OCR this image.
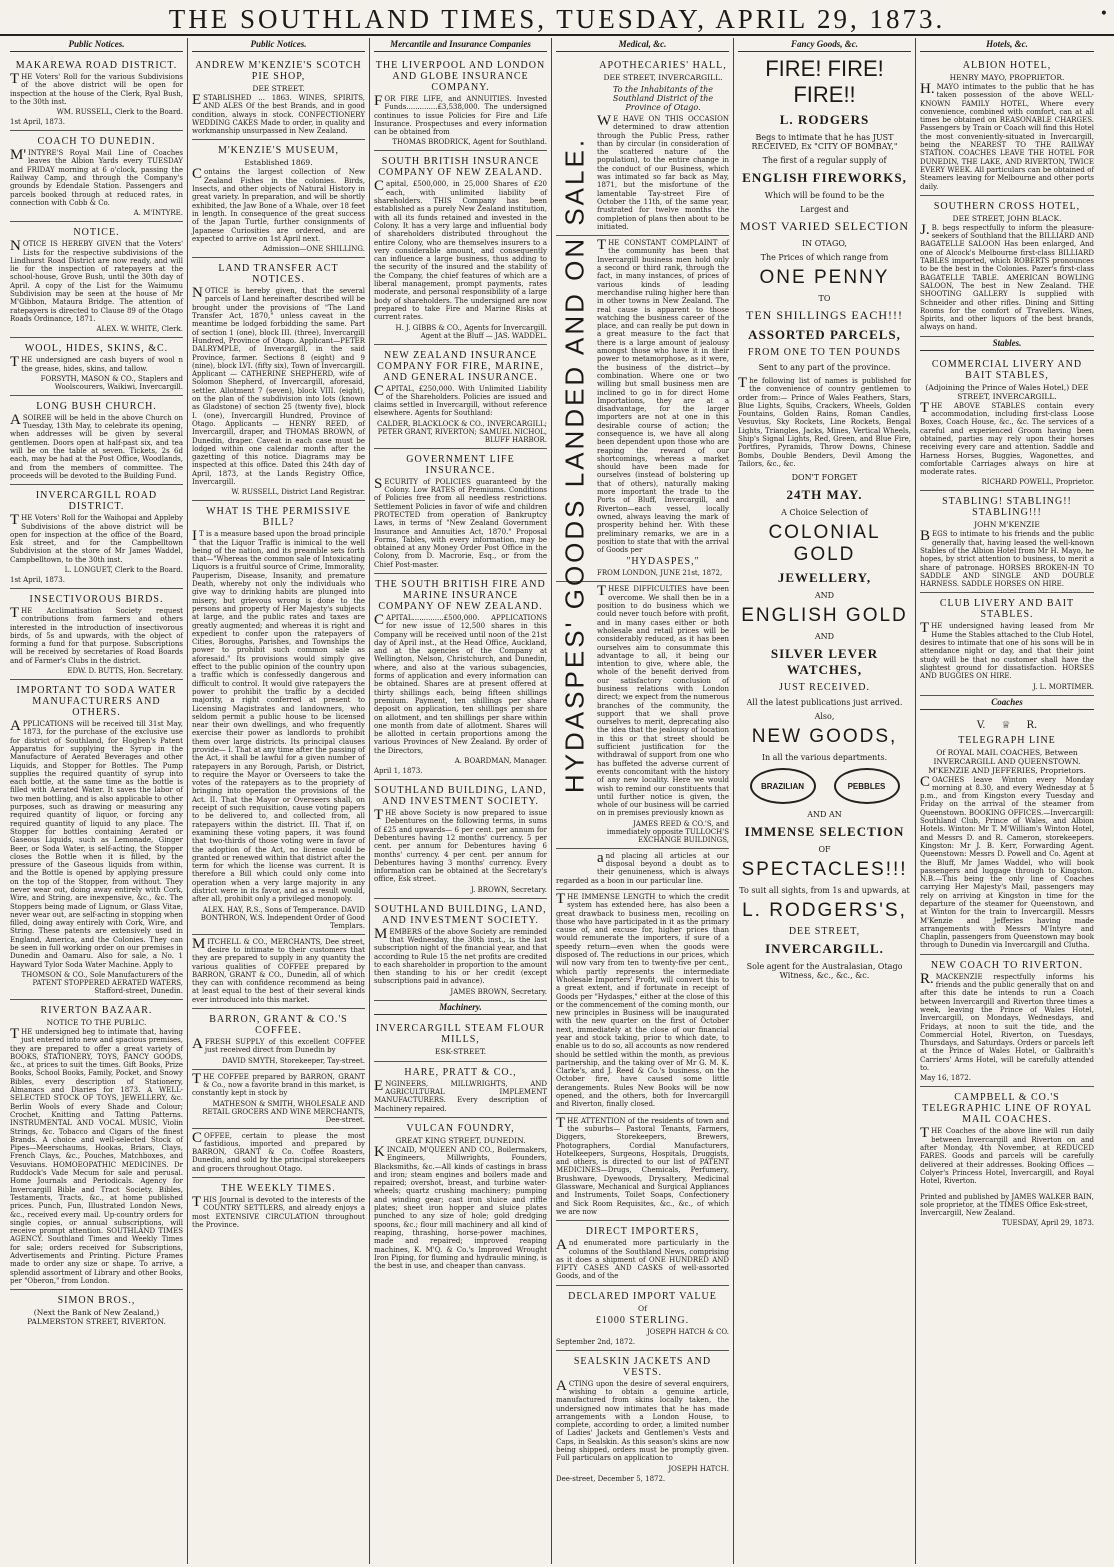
THE SOUTHLAND TIMES, TUESDAY, APRIL 29, 1873.	•
Public Notices.
MAKAREWA ROAD DISTRICT.

THE Voters' Roll for the various Subdivisions of the above district will be open for inspection at the house of the Clerk, Ryal Bush, to the 30th inst.

WM. RUSSELL, Clerk to the Board.
1st April, 1873.
COACH TO DUNEDIN.

M'INTYRE'S Royal Mail Line of Coaches leaves the Albion Yards every TUESDAY and FRIDAY morning at 6 o'clock, passing the Railway Camp, and through the Company's grounds by Edendale Station. Passengers and parcels booked through at reduced rates, in connection with Cobb & Co.

A. M'INTYRE.
NOTICE.

NOTICE IS HEREBY GIVEN that the Voters' Lists for the respective subdivisions of the Lindhurst Road District are now ready, and will lie for the inspection of ratepayers at the school-house, Grove Bush, until the 30th day of April. A copy of the List for the Waimumu Subdivision may be seen at the house of Mr M'Gibbon, Mataura Bridge. The attention of ratepayers is directed to Clause 89 of the Otago Roads Ordinance, 1871.

ALEX. W. WHITE, Clerk.
WOOL, HIDES, SKINS, &C.

THE undersigned are cash buyers of wool n the grease, hides, skins, and tallow.

FORSYTH, MASON & CO., Staplers and Woolscourers, Waikiwi, Invercargill.
LONG BUSH CHURCH.

ASOIREE will be held in the above Church on Tuesday, 13th May, to celebrate its opening, when addresses will be given by several gentlemen. Doors open at half-past six, and tea will be on the table at seven. Tickets, 2s 6d each, may be had at the Post Office, Woodlands, and from the members of committee. The proceeds will be devoted to the Building Fund.

INVERCARGILL ROAD DISTRICT.

THE Voters' Roll for the Waihopai and Appleby Subdivisions of the above district will be open for inspection at the office of the Board, Esk street, and for the Campbelltown Subdivision at the store of Mr James Waddel, Campbelltown, to the 30th inst.

L. LONGUET, Clerk to the Board.
1st April, 1873.
INSECTIVOROUS BIRDS.

THE Acclimatisation Society request contributions from farmers and others interested in the introduction of insectivorous birds, of 5s and upwards, with the object of forming a fund for that purpose. Subscriptions will be received by secretaries of Road Boards and of Farmer's Clubs in the district.

EDW. D. BUTTS, Hon. Secretary.
IMPORTANT TO SODA WATER MANUFACTURERS AND OTHERS.

APPLICATIONS will be received till 31st May, 1873, for the purchase of the exclusive use for district of Southland, for Hogben's Patent Apparatus for supplying the Syrup in the Manufacture of Aerated Beverages and other Liquids, and Stopper for Bottles. The Pump supplies the required quantity of syrup into each bottle, at the same time as the bottle is filled with Aerated Water. It saves the labor of two men bottling, and is also applicable to other purposes, such as drawing or measuring any required quantity of liquor, or forcing any required quantity of liquid to any place. The Stopper for bottles containing Aerated or Gaseous Liquids, such as Lemonade, Ginger Beer, or Soda Water, is self-acting, the Stopper closes the Bottle when it is filled, by the pressure of the Gaseous liquids from within, and the Bottle is opened by applying pressure on the top of the Stopper, from without. They never wear out, doing away entirely with Cork, Wire, and String, are inexpensive, &c., &c. The Stoppers being made of Lignum, or Glass Vitae, never wear out, are self-acting in stopping when filled, doing away entirely with Cork, Wire, and String. These patents are extensively used in England, America, and the Colonies. They can be seen in full working order on our premises in Dunedin and Oamaru. Also for sale, a No. 1 Hayward Tylor Soda Water Machine. Apply to

THOMSON & CO., Sole Manufacturers of the PATENT STOPPERED AERATED WATERS, Stafford-street, Dunedin.
RIVERTON BAZAAR.
NOTICE TO THE PUBLIC.

THE undersigned beg to intimate that, having just entered into new and spacious premises, they are prepared to offer a great variety of BOOKS, STATIONERY, TOYS, FANCY GOODS, &c., at prices to suit the times. Gift Books, Prize Books, School Books, Family, Pocket, and Snowy Bibles, every description of Stationery, Almanacs and Diaries for 1873. A WELL-SELECTED STOCK OF TOYS, JEWELLERY, &c. Berlin Wools of every Shade and Colour; Crochet, Knitting and Tatting Patterns. INSTRUMENTAL AND VOCAL MUSIC, Violin Strings, &c. Tobacco and Cigars of the finest Brands. A choice and well-selected Stock of Pipes—Meerschaums, Hookas, Briars, Clays, French Clays, &c., Pouches, Matchboxes, and Vesuvians. HOMOEOPATHIC MEDICINES. Dr Ruddock's Vade Mecum for sale and perusal. Home Journals and Periodicals. Agency for Invercargill Bible and Tract Society. Bibles, Testaments, Tracts, &c., at home published prices. Punch, Fun, Illustrated London News, &c., received every mail. Up-country orders for single copies, or annual subscriptions, will receive prompt attention. SOUTHLAND TIMES AGENCY. Southland Times and Weekly Times for sale; orders received for Subscriptions, Advertisements and Printing. Picture Frames made to order any size or shape. To arrive, a splendid assortment of Library and other Books, per "Oberon," from London.

SIMON BROS.,
(Next the Bank of New Zealand,) PALMERSTON STREET, RIVERTON.
Public Notices.
ANDREW M'KENZIE'S SCOTCH PIE SHOP,
DEE STREET.

ESTABLISHED ... 1863. WINES, SPIRITS, AND ALES Of the best Brands, and in good condition, always in stock. CONFECTIONERY WEDDING CAKES Made to order, in quality and workmanship unsurpassed in New Zealand.

M'KENZIE'S MUSEUM,
Established 1869.

Contains the largest collection of New Zealand Fishes in the colonies. Birds, Insects, and other objects of Natural History in great variety. In preparation, and will be shortly exhibited, the Jaw Bone of a Whale, over 18 feet in length. In consequence of the great success of the Japan Turtle, further consignments of Japanese Curiosities are ordered, and are expected to arrive on 1st April next.

Admission—ONE SHILLING.
LAND TRANSFER ACT NOTICES.

NOTICE is hereby given, that the several parcels of Land hereinafter described will be brought under the provisions of "The Land Transfer Act, 1870," unless caveat in the meantime be lodged forbidding the same. Part of section 1 (one), block III. (three), Invercargill Hundred, Province of Otago. Applicant—PETER DALRYMPLE, of Invercargill, in the said Province, farmer. Sections 8 (eight) and 9 (nine), block LVI. (fifty six), Town of Invercargill. Applicant — CATHERINE SHEPHERD, wife of Solomon Shepherd, of Invercargill, aforesaid, settler. Allotment 7 (seven), block VIII. (eight), on the plan of the subdivision into lots (known as Gladstone) of section 25 (twenty five), block I. (one), Invercargill Hundred, Province of Otago. Applicants — HENRY REED, of Invercargill, draper, and THOMAS BROWN, of Dunedin, draper. Caveat in each case must be lodged within one calendar month after the gazetting of this notice. Diagrams may be inspected at this office. Dated this 24th day of April, 1873, at the Lands Registry Office, Invercargill.

W. RUSSELL, District Land Registrar.
WHAT IS THE PERMISSIVE BILL?

IT is a measure based upon the broad principle that the Liquor Traffic is inimical to the well being of the nation, and its preamble sets forth that—"Whereas the common sale of Intoxicating Liquors is a fruitful source of Crime, Immorality, Pauperism, Disease, Insanity, and premature Death, whereby not only the individuals who give way to drinking habits are plunged into misery, but grievous wrong is done to the persons and property of Her Majesty's subjects at large, and the public rates and taxes are greatly augmented; and whereas it is right and expedient to confer upon the ratepayers of Cities, Boroughs, Parishes, and Townships the power to prohibit such common sale as aforesaid." Its provisions would simply give effect to the public opinion of the country upon a traffic which is confessedly dangerous and difficult to control. It would give ratepayers the power to prohibit the traffic by a decided majority, a right conferred at present to Licensing Magistrates and landowners, who seldom permit a public house to be licensed near their own dwellings, and who frequently exercise their power as landlords to prohibit them over large districts. Its principal clauses provide— I. That at any time after the passing of the Act, it shall be lawful for a given number of ratepayers in any Borough, Parish, or District, to require the Mayor or Overseers to take the votes of the ratepayers as to the propriety of bringing into operation the provisions of the Act. II. That the Mayor or Overseers shall, on receipt of such requisition, cause voting papers to be delivered to, and collected from, all ratepayers within the district. III. That if, on examining these voting papers, it was found that two-thirds of those voting were in favor of the adoption of the Act, no license could be granted or renewed within that district after the term for which the license was current. It is therefore a Bill which could only come into operation when a very large majority in any district were in its favor, and as a result would, after all, prohibit only a privileged monopoly.

ALEX. HAY, R.S., Sons of Temperance. DAVID BONTHRON, W.S. Independent Order of Good Templars.

MITCHELL & CO., MERCHANTS, Dee street, desire to intimate to their customers that they are prepared to supply in any quantity the various qualities of COFFEE prepared by BARRON, GRANT & CO., Dunedin, all of which they can with confidence recommend as being at least equal to the best of their several kinds ever introduced into this market.

BARRON, GRANT & CO.'S COFFEE.

AFRESH SUPPLY of this excellent COFFEE just received direct from Dunedin by

DAVID SMYTH, Storekeeper, Tay-street.

THE COFFEE prepared by BARRON, GRANT & Co., now a favorite brand in this market, is constantly kept in stock by

MATHESON & SMITH, WHOLESALE AND RETAIL GROCERS AND WINE MERCHANTS, Dee-street.

COFFEE, certain to please the most fastidious, imported and prepared by BARRON, GRANT & Co. Coffee Roasters, Dunedin, and sold by the principal storekeepers and grocers throughout Otago.

THE WEEKLY TIMES.

THIS Journal is devoted to the interests of the COUNTRY SETTLERS, and already enjoys a most EXTENSIVE CIRCULATION throughout the Province.

Mercantile and Insurance Companies
THE LIVERPOOL AND LONDON AND GLOBE INSURANCE COMPANY.

FOR FIRE LIFE, and ANNUITIES. Invested Funds..............£3,538,000. The undersigned continues to issue Policies for Fire and Life Insurance. Prospectuses and every information can be obtained from

THOMAS BRODRICK, Agent for Southland.
SOUTH BRITISH INSURANCE COMPANY OF NEW ZEALAND.

Capital, £500,000, in 25,000 Shares of £20 each, with unlimited liability of shareholders. THIS Company has been established as a purely New Zealand institution, with all its funds retained and invested in the Colony. It has a very large and influential body of shareholders distributed throughout the entire Colony, who are themselves insurers to a very considerable amount, and consequently can influence a large business, thus adding to the security of the insured and the stability of the Company, the chief features of which are a liberal management, prompt payments, rates moderate, and personal responsibility of a large body of shareholders. The undersigned are now prepared to take Fire and Marine Risks at current rates.

H. J. GIBBS & CO., Agents for Invercargill. Agent at the Bluff — JAS. WADDEL.
NEW ZEALAND INSURANCE COMPANY FOR FIRE, MARINE, AND GENERAL INSURANCE.

CAPITAL, £250,000. With Unlimited Liability of the Shareholders. Policies are issued and claims settled in Invercargill, without reference elsewhere. Agents for Southland:

CALDER, BLACKLOCK & CO., INVERCARGILL; PETER GRANT, RIVERTON; SAMUEL NICHOL, BLUFF HARBOR.
GOVERNMENT LIFE INSURANCE.

SECURITY of POLICIES guaranteed by the Colony. Low RATES of Premiums. Conditions of Policies free from all needless restrictions. Settlement Policies in favor of wife and children PROTECTED from operation of Bankruptcy Laws, in terms of "New Zealand Government Insurance and Annuities Act, 1870." Proposal Forms, Tables, with every information, may be obtained at any Money Order Post Office in the Colony, from D. Macrorie, Esq., or from the Chief Post-master.

THE SOUTH BRITISH FIRE AND MARINE INSURANCE COMPANY OF NEW ZEALAND.

CAPITAL..............£500,000. APPLICATIONS for new issue of 12,500 shares in this Company will be received until noon of the 21st day of April inst., at the Head Office, Auckland, and at the agencies of the Company at Wellington, Nelson, Christchurch, and Dunedin, where, and also at the various subagencies, forms of application and every information can be obtained. Shares are at present offered at thirty shillings each, being fifteen shillings premium. Payment, ten shillings per share deposit on application, ten shillings per share on allotment, and ten shillings per share within one month from date of allotment. Shares will be allotted in certain proportions among the various Provinces of New Zealand. By order of the Directors,

A. BOARDMAN, Manager.
April 1, 1873.
SOUTHLAND BUILDING, LAND, AND INVESTMENT SOCIETY.

THE above Society is now prepared to issue Debentures on the following terms, in sums of £25 and upwards— 6 per cent. per annum for Debentures having 12 months' currency. 5 per cent. per annum for Debentures having 6 months' currency. 4 per cent. per annum for Debentures having 3 months' currency. Every information can be obtained at the Secretary's office, Esk street.

J. BROWN, Secretary.
SOUTHLAND BUILDING, LAND, AND INVESTMENT SOCIETY.

MEMBERS of the above Society are reminded that Wednesday, the 30th inst., is the last subscription night of the financial year, and that according to Rule 15 the net profits are credited to each shareholder in proportion to the amount then standing to his or her credit (except subscriptions paid in advance).

JAMES BROWN, Secretary.
Machinery.
INVERCARGILL STEAM FLOUR MILLS,
ESK-STREET.
HARE, PRATT & CO.,

ENGINEERS, MILLWRIGHTS, AND AGRICULTURAL IMPLEMENT MANUFACTURERS. Every description of Machinery repaired.

VULCAN FOUNDRY,
GREAT KING STREET, DUNEDIN.

KINCAID, M'QUEEN AND CO., Boilermakers, Engineers, Millwrights, Founders, Blacksmiths, &c.—All kinds of castings in brass and iron; steam engines and boilers made and repaired; overshot, breast, and turbine water-wheels; quartz crushing machinery; pumping and winding gear; cast iron sluice and riffle plates; sheet iron hopper and sluice plates punched to any size of hole; gold dredging spoons, &c.; flour mill machinery and all kind of reaping, thrashing, horse-power machines, made and repaired; improved reaping machines, K. M'Q. & Co.'s Improved Wrought Iron Piping, for fluming and hydraulic mining, is the best in use, and cheaper than canvass.

Medical, &c.
HYDASPES' GOODS LANDED AND ON SALE.
APOTHECARIES' HALL,
DEE STREET, INVERCARGILL.
To the Inhabitants of the Southland District of the Province of Otago.

WE HAVE ON THIS OCCASION determined to draw attention through the Public Press, rather than by circular (in consideration of the scattered nature of the population), to the entire change in the conduct of our Business, which was intimated so far back as May, 1871, but the misfortune of the lamentable Tay-street Fire of October the 11th, of the same year, frustrated for twelve months the completion of plans then about to be initiated.

THE CONSTANT COMPLAINT of the community has been that Invercargill business men hold only a second or third rank, through the fact, in many instances, of prices of various kinds of leading merchandise ruling higher here than in other towns in New Zealand. The real cause is apparent to those watching the business career of the place, and can really be put down in a great measure to the fact that there is a large amount of jealousy amongst those who have it in their power to metamorphose, as it were, the business of the district—by combination. Where one or two willing but small business men are inclined to go in for direct Home Importations, they are at a disadvantage, for the larger importers are not at one in this desirable course of action; the consequence is, we have all along been dependent upon those who are reaping the reward of our shortcomings, whereas a market should have been made for ourselves (instead of bolstering up that of others), naturally making more important the trade to the Ports of Bluff, Invercargill, and Riverton—each vessel, locally owned, always leaving the mark of prosperity behind her. With these preliminary remarks, we are in a position to state that with the arrival of Goods per

"HYDASPES,"
FROM LONDON, JUNE 21st, 1872,

THESE DIFFICULTIES have been overcome. We shall then be in a position to do business which we could never touch before with profit, and in many cases either or both wholesale and retail prices will be considerably reduced, as it has been ourselves aim to consummate this advantage to all, it being our intention to give, where able, the whole of the benefit derived from our satisfactory conclusion of business relations with London direct; we expect from the numerous branches of the community, the support that we shall prove ourselves to merit, deprecating also the idea that the jealousy of location in this or that street should be sufficient justification for the withdrawal of support from one who has buffeted the adverse current of events concomitant with the history of any new locality. Here we would wish to remind our constituents that until further notice is given, the whole of our business will be carried on in premises previously known as

JAMES REED & CO.'S, and immediately opposite TULLOCH'S EXCHANGE BUILDINGS,

and placing all articles at our disposal beyond a doubt as to their genuineness, which is always regarded as a boon in our particular line.

THE IMMENSE LENGTH to which the credit system has extended here, has also been a great drawback to business men, recoiling on those who have participated in it as the primary cause of, and excuse for, higher prices than would remunerate the importers, if sure of a speedy return—even when the goods were disposed of. The reductions in our prices, which will now vary from ten to twenty-five per cent., which partly represents the intermediate Wholesale Importers' Profit, will convert this to a great extent, and if fortunate in receipt of Goods per "Hydaspes," either at the close of this or the commencement of the coming month, our new principles in Business will be inaugurated with the new quarter on the first of October next, immediately at the close of our financial year and stock taking, prior to which date, to enable us to do so, all accounts as now rendered should be settled within the month, as previous partnership, and the taking over of Mr G. M. K. Clarke's, and J. Reed & Co.'s business, on the October fire, have caused some little derangements. Rules New Books will be now opened, and the others, both for Invercargill and Riverton, finally closed.

THE ATTENTION of the residents of town and the suburbs— Pastoral Tenants, Farmers, Diggers, Storekeepers, Brewers, Photographers, Cordial Manufacturers, Hotelkeepers, Surgeons, Hospitals, Druggists, and others, is directed to our list of PATENT MEDICINES—Drugs, Chemicals, Perfumery, Brushware, Dyewoods, Drysaltery, Medicinal Glassware, Mechanical and Surgical Appliances and Instruments, Toilet Soaps, Confectionery and Sick Room Requisites, &c., &c., of which we are now

DIRECT IMPORTERS,

And enumerated more particularly in the columns of the Southland News, comprising as it does a shipment of ONE HUNDRED AND FIFTY CASES AND CASKS of well-assorted Goods, and of the

DECLARED IMPORT VALUE
Of
£1000 STERLING.
JOSEPH HATCH & CO.
September 2nd, 1872.
SEALSKIN JACKETS AND VESTS.

ACTING upon the desire of several enquirers, wishing to obtain a genuine article, manufactured from skins locally taken, the undersigned now intimates that he has made arrangements with a London House, to complete, according to order, a limited number of Ladies' Jackets and Gentlemen's Vests and Caps, in Sealskin. As this season's skins are now being shipped, orders must be promptly given. Full particulars on application to

JOSEPH HATCH.
Dee-street, December 5, 1872.
Fancy Goods, &c.
FIRE! FIRE! FIRE!!
L. RODGERS
Begs to intimate that he has JUST RECEIVED, Ex "CITY OF BOMBAY,"
The first of a regular supply of
ENGLISH FIREWORKS,
Which will be found to be the
Largest and
MOST VARIED SELECTION
IN OTAGO,
The Prices of which range from
ONE PENNY
TO
TEN SHILLINGS EACH!!!
ASSORTED PARCELS,
FROM ONE TO TEN POUNDS
Sent to any part of the province.

The following list of names is published for the convenience of country gentlemen to order from:— Prince of Wales Feathers, Stars, Blue Lights, Squibs, Crackers, Wheels, Golden Fountains, Golden Rains, Roman Candles, Vesuvius, Sky Rockets, Line Rockets, Bengal Lights, Triangles, Jacks, Mines, Vertical Wheels, Ship's Signal Lights, Red, Green, and Blue Fire, Portfires, Pyramids, Throw Downs, Chinese Bombs, Double Benders, Devil Among the Tailors, &c., &c.

DON'T FORGET
24TH MAY.
A Choice Selection of
COLONIAL GOLD
JEWELLERY,
AND
ENGLISH GOLD
AND
SILVER LEVER WATCHES,
JUST RECEIVED.
All the latest publications just arrived.
Also,
NEW GOODS,
In all the various departments.
BRAZILIAN	PEBBLES
AND AN
IMMENSE SELECTION
OF
SPECTACLES!!!
To suit all sights, from 1s and upwards, at
L. RODGERS'S,
DEE STREET,
INVERCARGILL.
Sole agent for the Australasian, Otago Witness, &c., &c., &c.
Hotels, &c.
ALBION HOTEL,
HENRY MAYO, PROPRIETOR.

H.MAYO intimates to the public that he has taken possession of the above WELL-KNOWN FAMILY HOTEL, Where every convenience, combined with comfort, can at all times be obtained on REASONABLE CHARGES. Passengers by Train or Coach will find this Hotel the most conveniently-situated in Invercargill, being the NEAREST TO THE RAILWAY STATION. COACHES LEAVE THE HOTEL FOR DUNEDIN, THE LAKE, AND RIVERTON, TWICE EVERY WEEK. All particulars can be obtained of Steamers leaving for Melbourne and other ports daily.

SOUTHERN CROSS HOTEL,
DEE STREET, JOHN BLACK.

J.B. begs respectfully to inform the pleasure-seekers of Southland that the BILLIARD AND BAGATELLE SALOON Has been enlarged, And one of Alcock's Melbourne first-class BILLIARD TABLES imported, which ROBERTS pronounces to be the best in the Colonies. Pazer's first-class BAGATELLE TABLE. AMERICAN BOWLING SALOON, The best in New Zealand. THE SHOOTING GALLERY Is supplied with Schneider and other rifles. Dining and Sitting Rooms for the comfort of Travellers. Wines, Spirits, and other liquors of the best brands, always on hand.

Stables.
COMMERCIAL LIVERY AND BAIT STABLES,
(Adjoining the Prince of Wales Hotel,) DEE STREET, INVERCARGILL.

THE ABOVE STABLES contain every accommodation, including first-class Loose Boxes, Coach House, &c., &c. The services of a careful and experienced Groom having been obtained, parties may rely upon their horses receiving every care and attention. Saddle and Harness Horses, Buggies, Wagonettes, and comfortable Carriages always on hire at moderate rates.

RICHARD POWELL, Proprietor.
STABLING! STABLING!! STABLING!!!
JOHN M'KENZIE

BEGS to intimate to his friends and the public generally that, having leased the well-known Stables of the Albion Hotel from Mr H. Mayo, he hopes, by strict attention to business, to merit a share of patronage. HORSES BROKEN-IN TO SADDLE AND SINGLE AND DOUBLE HARNESS. SADDLE HORSES ON HIRE.

CLUB LIVERY AND BAIT STABLES.

THE undersigned having leased from Mr Hume the Stables attached to the Club Hotel, desires to intimate that one of his sons will be in attendance night or day, and that their joint study will be that no customer shall have the slightest ground for dissatisfaction. HORSES AND BUGGIES ON HIRE.

J. L. MORTIMER.
Coaches
V. ♕ R.
TELEGRAPH LINE
Of ROYAL MAIL COACHES, Between INVERCARGILL AND QUEENSTOWN. M'KENZIE AND JEFFERIES, Proprietors.

COACHES leave Winton every Monday morning at 8.30, and every Wednesday at 5 p.m., and from Kingston every Tuesday and Friday on the arrival of the steamer from Queenstown. BOOKING OFFICES.—Invercargill: Southland Club, Prince of Wales, and Albion Hotels. Winton: Mr T. M'William's Winton Hotel, and Messrs D. and R. Cameron, storekeepers. Kingston: Mr J. B. Kerr, Forwarding Agent. Queenstown: Messrs D. Powell and Co. Agent at the Bluff, Mr James Waddel, who will book passengers and luggage through to Kingston. N.B.—This being the only line of Coaches carrying Her Majesty's Mail, passengers may rely on arriving at Kingston in time for the departure of the steamer for Queenstown, and at Winton for the train to Invercargill. Messrs M'Kenzie and Jefferies having made arrangements with Messrs M'Intyre and Chaplin, passengers from Queenstown may book through to Dunedin via Invercargill and Clutha.

NEW COACH TO RIVERTON.

R.MACKENZIE respectfully informs his friends and the public generally that on and after this date he intends to run a Coach between Invercargill and Riverton three times a week, leaving the Prince of Wales Hotel, Invercargill, on Mondays, Wednesdays, and Fridays, at noon to suit the tide, and the Commercial Hotel, Riverton, on Tuesdays, Thursdays, and Saturdays. Orders or parcels left at the Prince of Wales Hotel, or Galbraith's Carriers' Arms Hotel, will be carefully attended to.

May 16, 1872.
CAMPBELL & CO.'S TELEGRAPHIC LINE OF ROYAL MAIL COACHES.

THE Coaches of the above line will run daily between Invercargill and Riverton on and after Monday, 4th November, at REDUCED FARES. Goods and parcels will be carefully delivered at their addresses. Booking Offices — Colyer's Princess Hotel, Invercargill, and Royal Hotel, Riverton.

Printed and published by JAMES WALKER BAIN, sole proprietor, at the TIMES Office Esk-street, Invercargill, New Zealand.
TUESDAY, April 29, 1873.
